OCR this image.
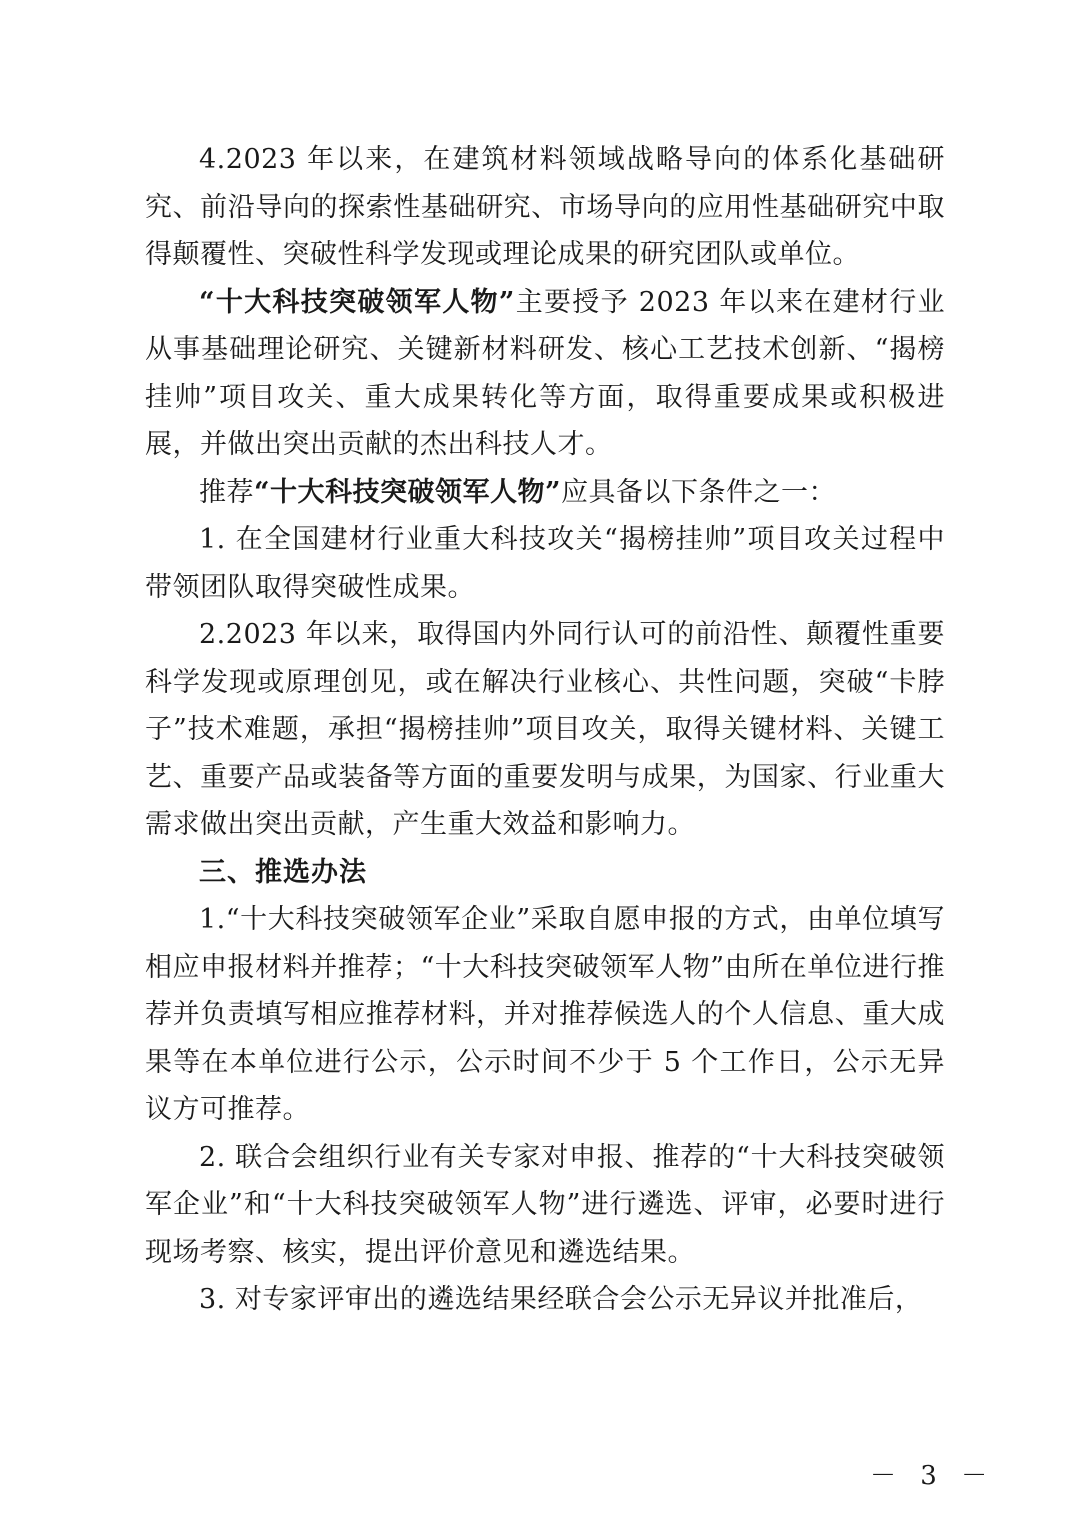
4.2023 年以来，在建筑材料领域战略导向的体系化基础研究、前沿导向的探索性基础研究、市场导向的应用性基础研究中取得颠覆性、突破性科学发现或理论成果的研究团队或单位。

“十大科技突破领军人物”主要授予 2023 年以来在建材行业从事基础理论研究、关键新材料研发、核心工艺技术创新、“揭榜挂帅”项目攻关、重大成果转化等方面，取得重要成果或积极进展，并做出突出贡献的杰出科技人才。

推荐“十大科技突破领军人物”应具备以下条件之一：

1. 在全国建材行业重大科技攻关“揭榜挂帅”项目攻关过程中带领团队取得突破性成果。

2.2023 年以来，取得国内外同行认可的前沿性、颠覆性重要科学发现或原理创见，或在解决行业核心、共性问题，突破“卡脖子”技术难题，承担“揭榜挂帅”项目攻关，取得关键材料、关键工艺、重要产品或装备等方面的重要发明与成果，为国家、行业重大需求做出突出贡献，产生重大效益和影响力。

三、推选办法

1.“十大科技突破领军企业”采取自愿申报的方式，由单位填写相应申报材料并推荐；“十大科技突破领军人物”由所在单位进行推荐并负责填写相应推荐材料，并对推荐候选人的个人信息、重大成果等在本单位进行公示，公示时间不少于 5 个工作日，公示无异议方可推荐。

2. 联合会组织行业有关专家对申报、推荐的“十大科技突破领军企业”和“十大科技突破领军人物”进行遴选、评审，必要时进行现场考察、核实，提出评价意见和遴选结果。

3. 对专家评审出的遴选结果经联合会公示无异议并批准后，

－ 3 －
